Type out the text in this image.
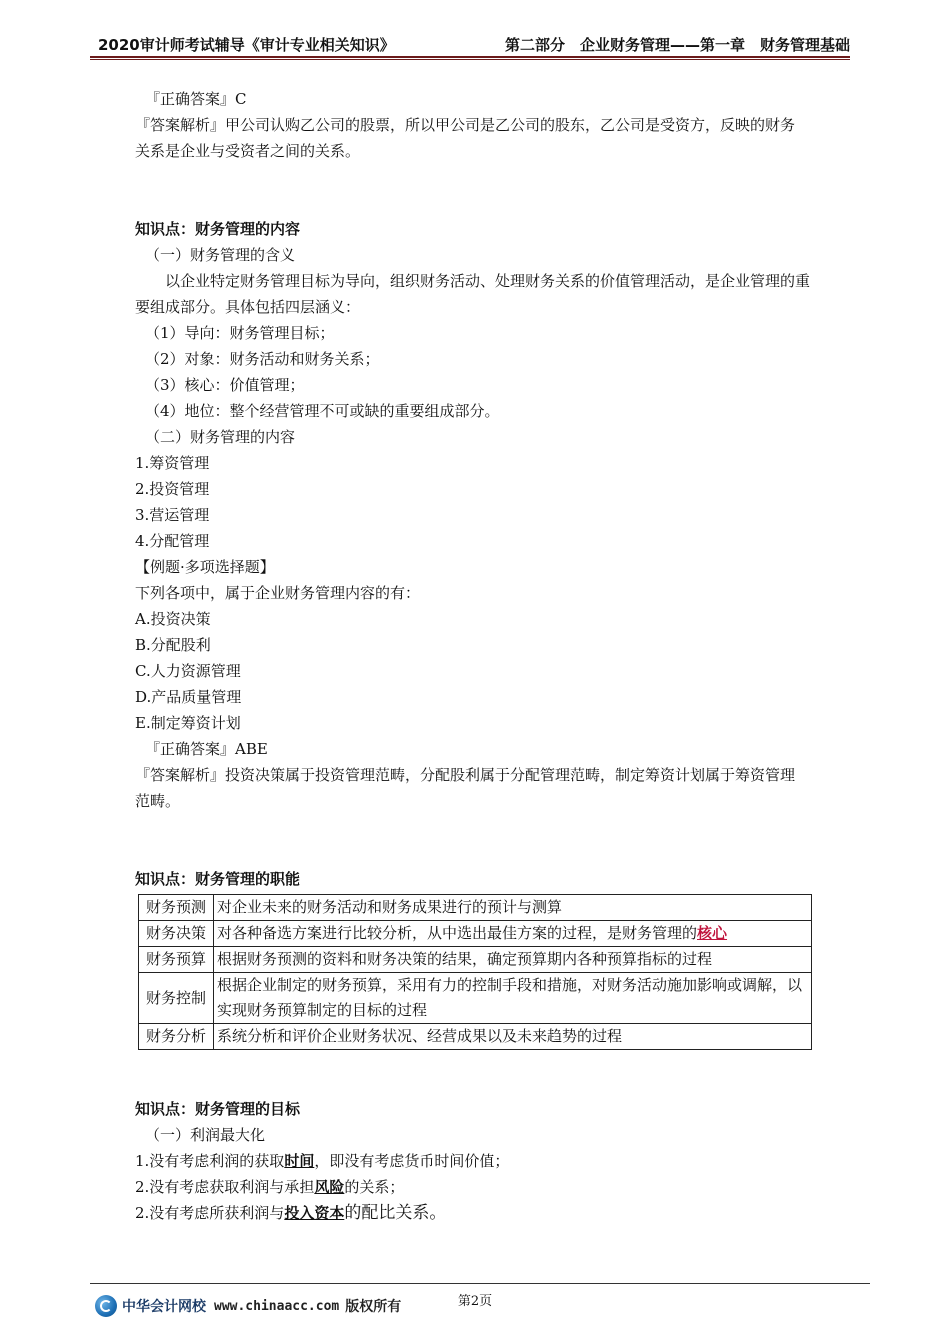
2020审计师考试辅导《审计专业相关知识》	第二部分　企业财务管理——第一章　财务管理基础

『正确答案』C

『答案解析』甲公司认购乙公司的股票，所以甲公司是乙公司的股东，乙公司是受资方，反映的财务

关系是企业与受资者之间的关系。

知识点：财务管理的内容

（一）财务管理的含义

以企业特定财务管理目标为导向，组织财务活动、处理财务关系的价值管理活动，是企业管理的重

要组成部分。具体包括四层涵义：

（1）导向：财务管理目标；

（2）对象：财务活动和财务关系；

（3）核心：价值管理；

（4）地位：整个经营管理不可或缺的重要组成部分。

（二）财务管理的内容

1.筹资管理

2.投资管理

3.营运管理

4.分配管理

【例题·多项选择题】

下列各项中，属于企业财务管理内容的有：

A.投资决策

B.分配股利

C.人力资源管理

D.产品质量管理

E.制定筹资计划

『正确答案』ABE

『答案解析』投资决策属于投资管理范畴，分配股利属于分配管理范畴，制定筹资计划属于筹资管理

范畴。

知识点：财务管理的职能

财务预测	对企业未来的财务活动和财务成果进行的预计与测算
财务决策	对各种备选方案进行比较分析，从中选出最佳方案的过程，是财务管理的核心
财务预算	根据财务预测的资料和财务决策的结果，确定预算期内各种预算指标的过程
财务控制	根据企业制定的财务预算，采用有力的控制手段和措施，对财务活动施加影响或调解，以实现财务预算制定的目标的过程
财务分析	系统分析和评价企业财务状况、经营成果以及未来趋势的过程

知识点：财务管理的目标

（一）利润最大化

1.没有考虑利润的获取时间，即没有考虑货币时间价值；

2.没有考虑获取利润与承担风险的关系；

2.没有考虑所获利润与投入资本的配比关系。

第2页
中华会计网校 www.chinaacc.com 版权所有
